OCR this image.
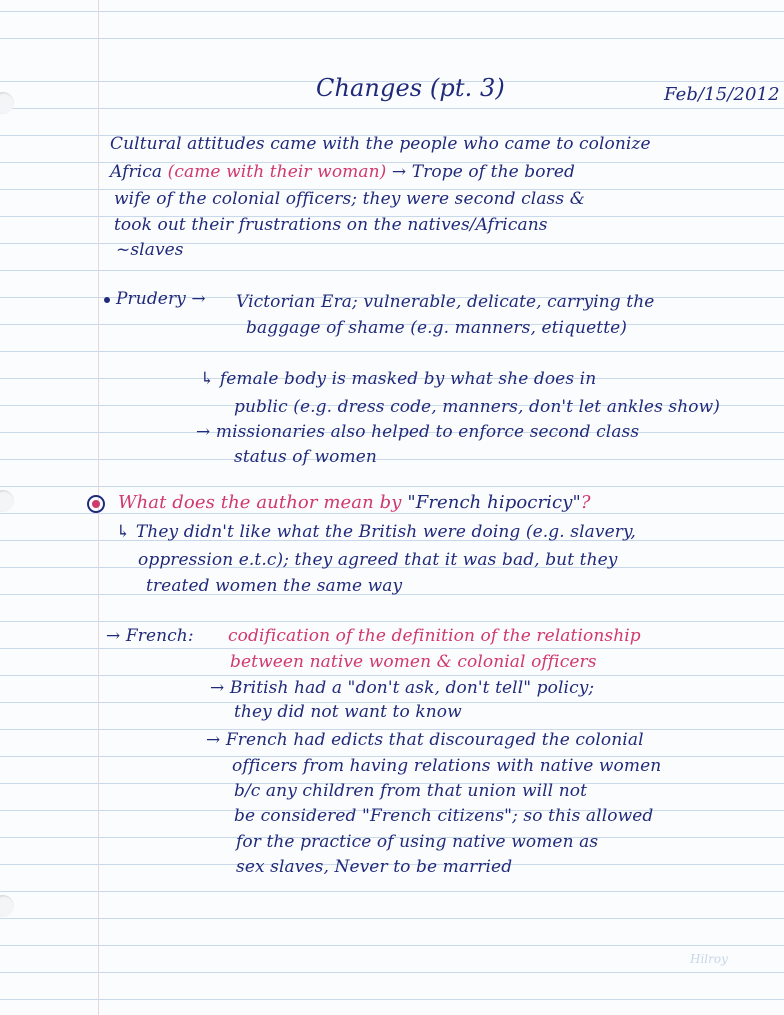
Changes (pt. 3)	Feb/15/2012
Cultural attitudes came with the people who came to colonize
Africa (came with their woman) → Trope of the bored
wife of the colonial officers; they were second class &
took out their frustrations on the natives/Africans
~slaves
Prudery → Victorian Era; vulnerable, delicate, carrying the
baggage of shame (e.g. manners, etiquette)
↳ female body is masked by what she does in
public (e.g. dress code, manners, don't let ankles show)
→ missionaries also helped to enforce second class
status of women
What does the author mean by "French hipocricy"?
↳ They didn't like what the British were doing (e.g. slavery,
oppression e.t.c); they agreed that it was bad, but they
treated women the same way
→ French: codification of the definition of the relationship
between native women & colonial officers
→ British had a "don't ask, don't tell" policy;
they did not want to know
→ French had edicts that discouraged the colonial
officers from having relations with native women
b/c any children from that union will not
be considered "French citizens"; so this allowed
for the practice of using native women as
sex slaves, Never to be married
Hilroy
